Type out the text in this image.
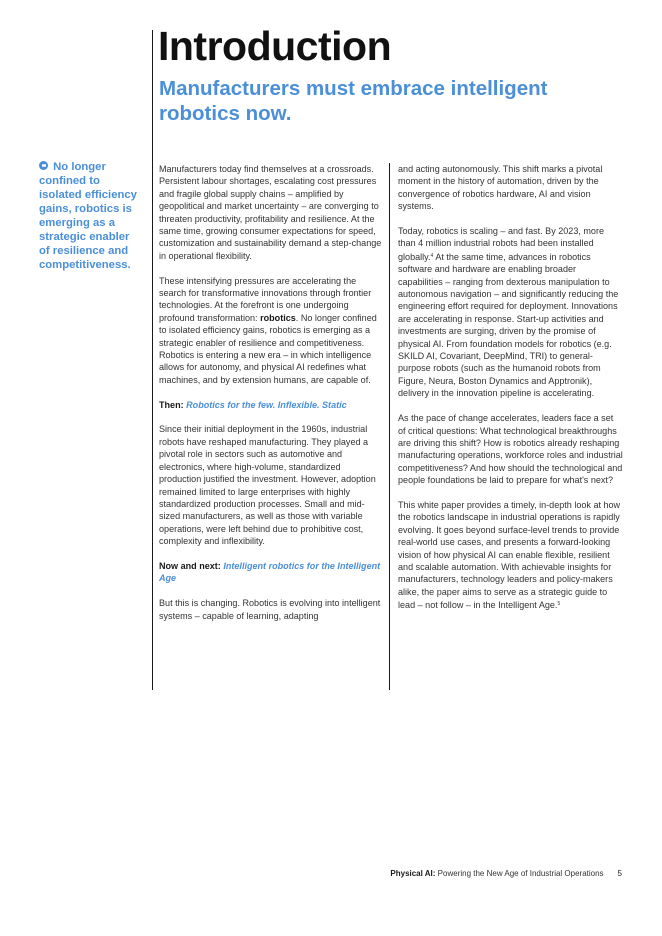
Introduction
Manufacturers must embrace intelligent robotics now.
No longer confined to isolated efficiency gains, robotics is emerging as a strategic enabler of resilience and competitiveness.

Manufacturers today find themselves at a crossroads. Persistent labour shortages, escalating cost pressures and fragile global supply chains – amplified by geopolitical and market uncertainty – are converging to threaten productivity, profitability and resilience. At the same time, growing consumer expectations for speed, customization and sustainability demand a step-change in operational flexibility.

These intensifying pressures are accelerating the search for transformative innovations through frontier technologies. At the forefront is one undergoing profound transformation: robotics. No longer confined to isolated efficiency gains, robotics is emerging as a strategic enabler of resilience and competitiveness. Robotics is entering a new era – in which intelligence allows for autonomy, and physical AI redefines what machines, and by extension humans, are capable of.

Then: Robotics for the few. Inflexible. Static

Since their initial deployment in the 1960s, industrial robots have reshaped manufacturing. They played a pivotal role in sectors such as automotive and electronics, where high-volume, standardized production justified the investment. However, adoption remained limited to large enterprises with highly standardized production processes. Small and mid-sized manufacturers, as well as those with variable operations, were left behind due to prohibitive cost, complexity and inflexibility.

Now and next: Intelligent robotics for the Intelligent Age

But this is changing. Robotics is evolving into intelligent systems – capable of learning, adapting

and acting autonomously. This shift marks a pivotal moment in the history of automation, driven by the convergence of robotics hardware, AI and vision systems.

Today, robotics is scaling – and fast. By 2023, more than 4 million industrial robots had been installed globally.$^4$ At the same time, advances in robotics software and hardware are enabling broader capabilities – ranging from dexterous manipulation to autonomous navigation – and significantly reducing the engineering effort required for deployment. Innovations are accelerating in response. Start-up activities and investments are surging, driven by the promise of physical AI. From foundation models for robotics (e.g. SKILD AI, Covariant, DeepMind, TRI) to general-purpose robots (such as the humanoid robots from Figure, Neura, Boston Dynamics and Apptronik), delivery in the innovation pipeline is accelerating.

As the pace of change accelerates, leaders face a set of critical questions: What technological breakthroughs are driving this shift? How is robotics already reshaping manufacturing operations, workforce roles and industrial competitiveness? And how should the technological and people foundations be laid to prepare for what's next?

This white paper provides a timely, in-depth look at how the robotics landscape in industrial operations is rapidly evolving. It goes beyond surface-level trends to provide real-world use cases, and presents a forward-looking vision of how physical AI can enable flexible, resilient and scalable automation. With achievable insights for manufacturers, technology leaders and policy-makers alike, the paper aims to serve as a strategic guide to lead – not follow – in the Intelligent Age.$^5$

Physical AI: Powering the New Age of Industrial Operations 5
